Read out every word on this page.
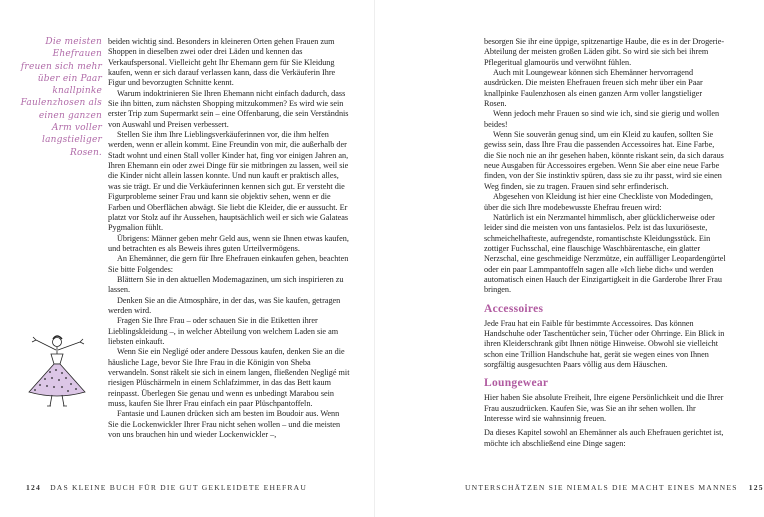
Die meisten Ehefrauen freuen sich mehr über ein Paar knallpinke Faulenzhosen als einen ganzen Arm voller langstieliger Rosen.

beiden wichtig sind. Besonders in kleineren Orten gehen Frauen zum Shoppen in dieselben zwei oder drei Läden und kennen das Verkaufspersonal. Vielleicht geht Ihr Ehemann gern für Sie Kleidung kaufen, wenn er sich darauf verlassen kann, dass die Verkäuferin Ihre Figur und bevorzugten Schnitte kennt.

Warum indoktrinieren Sie Ihren Ehemann nicht einfach dadurch, dass Sie ihn bitten, zum nächsten Shopping mitzukommen? Es wird wie sein erster Trip zum Supermarkt sein – eine Offenbarung, die sein Verständnis von Auswahl und Preisen verbessert.

Stellen Sie ihm Ihre Lieblingsverkäuferinnen vor, die ihm helfen werden, wenn er allein kommt. Eine Freundin von mir, die außerhalb der Stadt wohnt und einen Stall voller Kinder hat, fing vor einigen Jahren an, Ihren Ehemann ein oder zwei Dinge für sie mitbringen zu lassen, weil sie die Kinder nicht allein lassen konnte. Und nun kauft er praktisch alles, was sie trägt. Er und die Verkäuferinnen kennen sich gut. Er versteht die Figurprobleme seiner Frau und kann sie objektiv sehen, wenn er die Farben und Oberflächen abwägt. Sie liebt die Kleider, die er aussucht. Er platzt vor Stolz auf ihr Aussehen, hauptsächlich weil er sich wie Galateas Pygmalion fühlt.

Übrigens: Männer geben mehr Geld aus, wenn sie Ihnen etwas kaufen, und betrachten es als Beweis ihres guten Urteilvermögens.

An Ehemänner, die gern für Ihre Ehefrauen einkaufen gehen, beachten Sie bitte Folgendes:

Blättern Sie in den aktuellen Modemagazinen, um sich inspirieren zu lassen.

Denken Sie an die Atmosphäre, in der das, was Sie kaufen, getragen werden wird.

Fragen Sie Ihre Frau – oder schauen Sie in die Etiketten ihrer Lieblingskleidung –, in welcher Abteilung von welchem Laden sie am liebsten einkauft.

Wenn Sie ein Negligé oder andere Dessous kaufen, denken Sie an die häusliche Lage, bevor Sie Ihre Frau in die Königin von Sheba verwandeln. Sonst räkelt sie sich in einem langen, fließenden Negligé mit riesigen Plüschärmeln in einem Schlafzimmer, in das das Bett kaum reinpasst. Überlegen Sie genau und wenn es unbedingt Marabou sein muss, kaufen Sie Ihrer Frau einfach ein paar Plüschpantoffeln.

Fantasie und Launen drücken sich am besten im Boudoir aus. Wenn Sie die Lockenwickler Ihrer Frau nicht sehen wollen – und die meisten von uns brauchen hin und wieder Lockenwickler –,

124 DAS KLEINE BUCH FÜR DIE GUT GEKLEIDETE EHEFRAU

besorgen Sie ihr eine üppige, spitzenartige Haube, die es in der Drogerie-Abteilung der meisten großen Läden gibt. So wird sie sich bei ihrem Pflegeritual glamourös und verwöhnt fühlen.

Auch mit Loungewear können sich Ehemänner hervorragend ausdrücken. Die meisten Ehefrauen freuen sich mehr über ein Paar knallpinke Faulenzhosen als einen ganzen Arm voller langstieliger Rosen.

Wenn jedoch mehr Frauen so sind wie ich, sind sie gierig und wollen beides!

Wenn Sie souverän genug sind, um ein Kleid zu kaufen, sollten Sie gewiss sein, dass Ihre Frau die passenden Accessoires hat. Eine Farbe, die Sie noch nie an ihr gesehen haben, könnte riskant sein, da sich daraus neue Ausgaben für Accessoires ergeben. Wenn Sie aber eine neue Farbe finden, von der Sie instinktiv spüren, dass sie zu ihr passt, wird sie einen Weg finden, sie zu tragen. Frauen sind sehr erfinderisch.

Abgesehen von Kleidung ist hier eine Checkliste von Modedingen, über die sich Ihre modebewusste Ehefrau freuen wird:

Natürlich ist ein Nerzmantel himmlisch, aber glücklicherweise oder leider sind die meisten von uns fantasielos. Pelz ist das luxuriöseste, schmeichelhafteste, aufregendste, romantischste Kleidungsstück. Ein zottiger Fuchsschal, eine flauschige Waschbärentasche, ein glatter Nerzschal, eine geschmeidige Nerzmütze, ein auffälliger Leopardengürtel oder ein paar Lammpantoffeln sagen alle »Ich liebe dich« und werden automatisch einen Hauch der Einzigartigkeit in die Garderobe Ihrer Frau bringen.

Accessoires

Jede Frau hat ein Faible für bestimmte Accessoires. Das können Handschuhe oder Taschentücher sein, Tücher oder Ohrringe. Ein Blick in ihren Kleiderschrank gibt Ihnen nötige Hinweise. Obwohl sie vielleicht schon eine Trillion Handschuhe hat, gerät sie wegen eines von Ihnen sorgfältig ausgesuchten Paars völlig aus dem Häuschen.

Loungewear

Hier haben Sie absolute Freiheit, Ihre eigene Persönlichkeit und die Ihrer Frau auszudrücken. Kaufen Sie, was Sie an ihr sehen wollen. Ihr Interesse wird sie wahnsinnig freuen.

Da dieses Kapitel sowohl an Ehemänner als auch Ehefrauen gerichtet ist, möchte ich abschließend eine Dinge sagen:

UNTERSCHÄTZEN SIE NIEMALS DIE MACHT EINES MANNES 125
